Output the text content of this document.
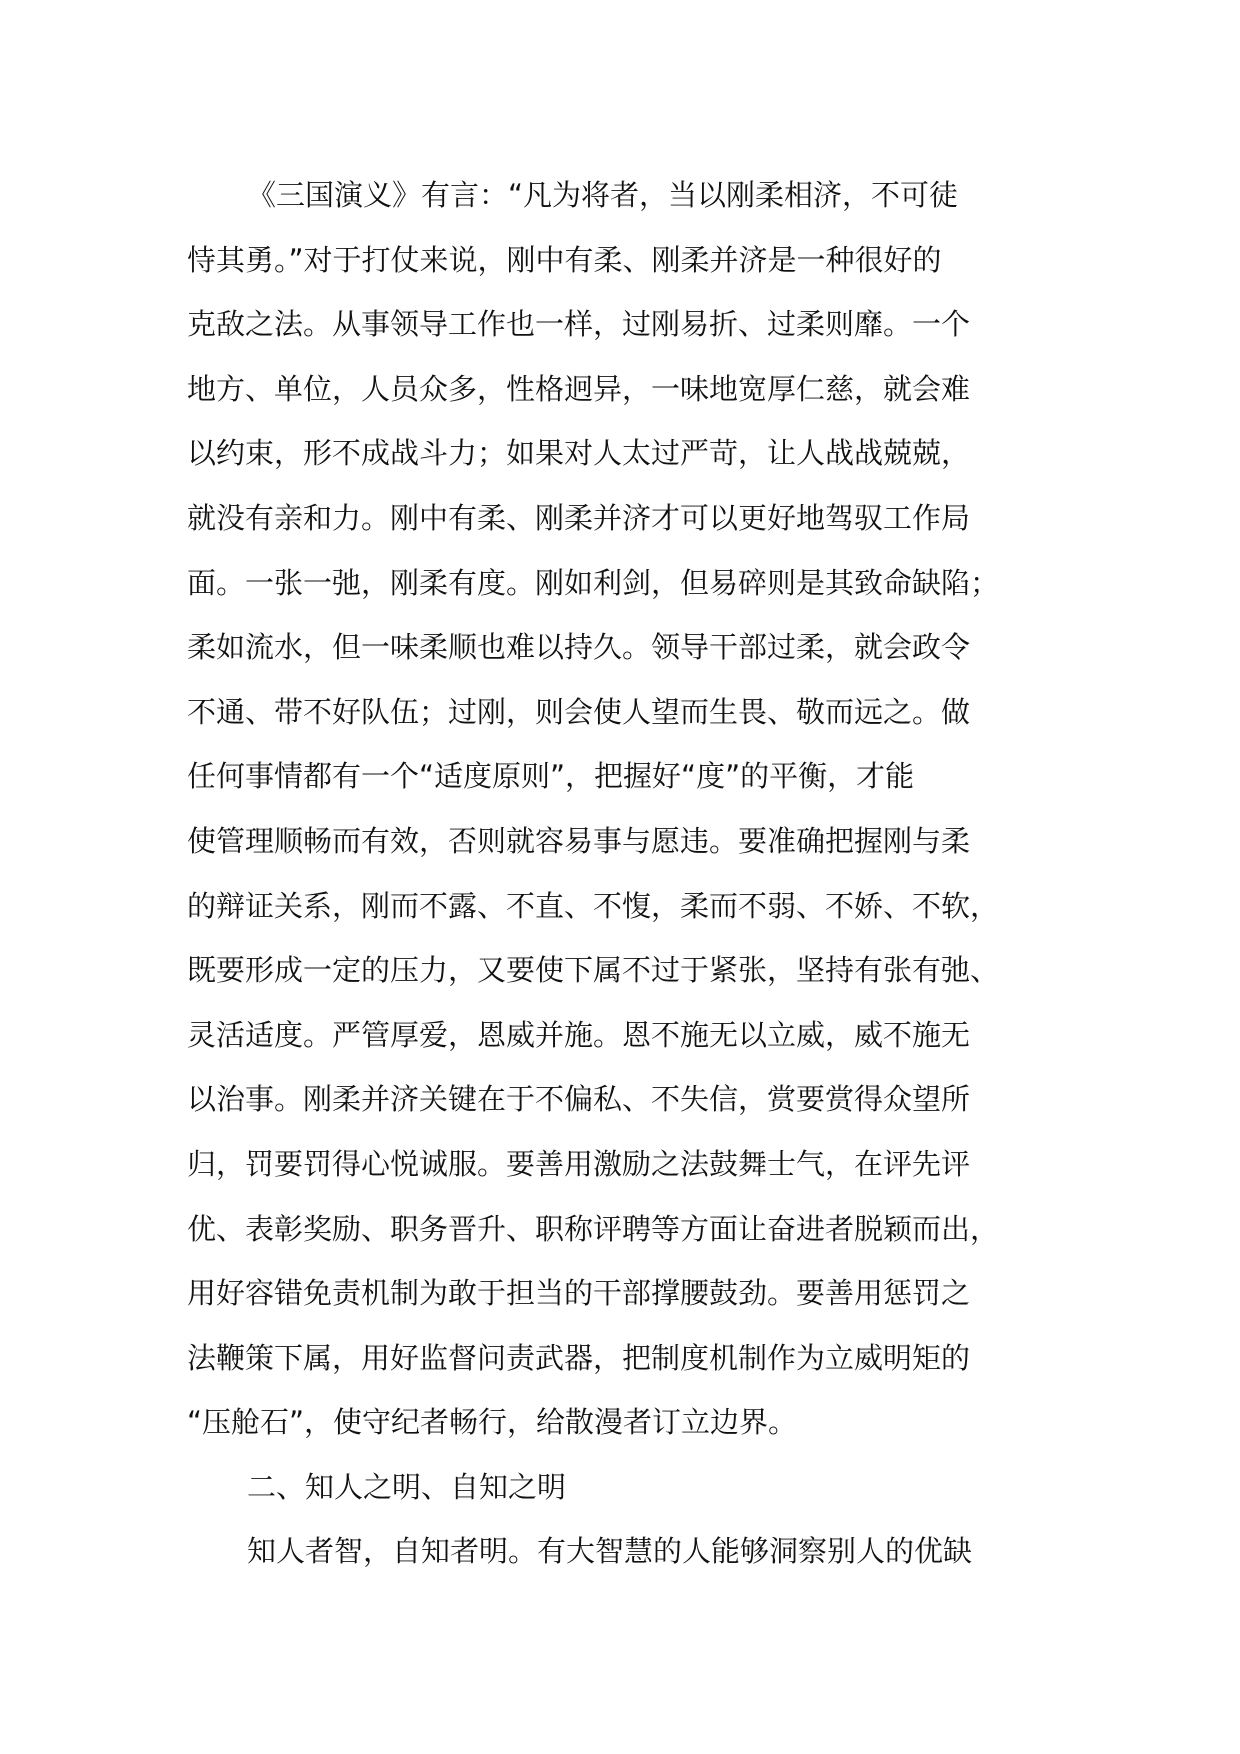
《三国演义》有言：“凡为将者，当以刚柔相济，不可徒
恃其勇。”对于打仗来说，刚中有柔、刚柔并济是一种很好的
克敌之法。从事领导工作也一样，过刚易折、过柔则靡。一个
地方、单位，人员众多，性格迥异，一味地宽厚仁慈，就会难
以约束，形不成战斗力；如果对人太过严苛，让人战战兢兢，
就没有亲和力。刚中有柔、刚柔并济才可以更好地驾驭工作局
面。一张一弛，刚柔有度。刚如利剑，但易碎则是其致命缺陷；
柔如流水，但一味柔顺也难以持久。领导干部过柔，就会政令
不通、带不好队伍；过刚，则会使人望而生畏、敬而远之。做
任何事情都有一个“适度原则”，把握好“度”的平衡，才能
使管理顺畅而有效，否则就容易事与愿违。要准确把握刚与柔
的辩证关系，刚而不露、不直、不愎，柔而不弱、不娇、不软，
既要形成一定的压力，又要使下属不过于紧张，坚持有张有弛、
灵活适度。严管厚爱，恩威并施。恩不施无以立威，威不施无
以治事。刚柔并济关键在于不偏私、不失信，赏要赏得众望所
归，罚要罚得心悦诚服。要善用激励之法鼓舞士气，在评先评
优、表彰奖励、职务晋升、职称评聘等方面让奋进者脱颖而出，
用好容错免责机制为敢于担当的干部撑腰鼓劲。要善用惩罚之
法鞭策下属，用好监督问责武器，把制度机制作为立威明矩的
“压舱石”，使守纪者畅行，给散漫者订立边界。
二、知人之明、自知之明
知人者智，自知者明。有大智慧的人能够洞察别人的优缺
